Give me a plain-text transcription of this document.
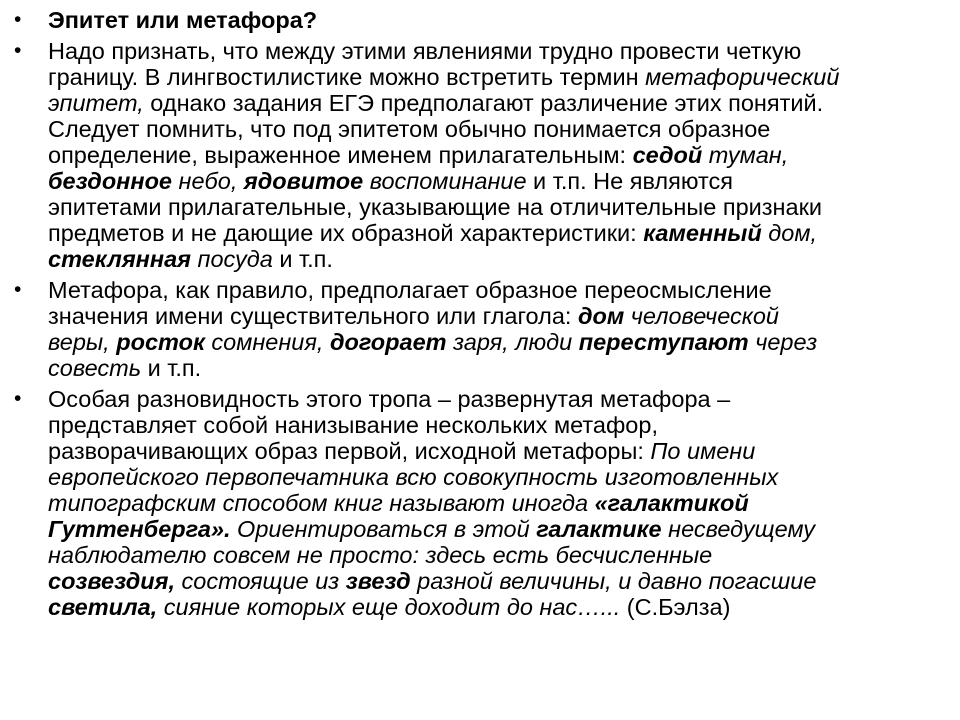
• Эпитет или метафора?
• Надо признать, что между этими явлениями трудно провести четкую
границу. В лингвостилистике можно встретить термин метафорический
эпитет, однако задания ЕГЭ предполагают различение этих понятий.
Следует помнить, что под эпитетом обычно понимается образное
определение, выраженное именем прилагательным: седой туман,
бездонное небо, ядовитое воспоминание и т.п. Не являются
эпитетами прилагательные, указывающие на отличительные признаки
предметов и не дающие их образной характеристики: каменный дом,
стеклянная посуда и т.п.
• Метафора, как правило, предполагает образное переосмысление
значения имени существительного или глагола: дом человеческой
веры, росток сомнения, догорает заря, люди переступают через
совесть и т.п.
• Особая разновидность этого тропа – развернутая метафора –
представляет собой нанизывание нескольких метафор,
разворачивающих образ первой, исходной метафоры: По имени
европейского первопечатника всю совокупность изготовленных
типографским способом книг называют иногда «галактикой
Гуттенберга». Ориентироваться в этой галактике несведущему
наблюдателю совсем не просто: здесь есть бесчисленные
созвездия, состоящие из звезд разной величины, и давно погасшие
светила, сияние которых еще доходит до нас…... (С.Бэлза)
